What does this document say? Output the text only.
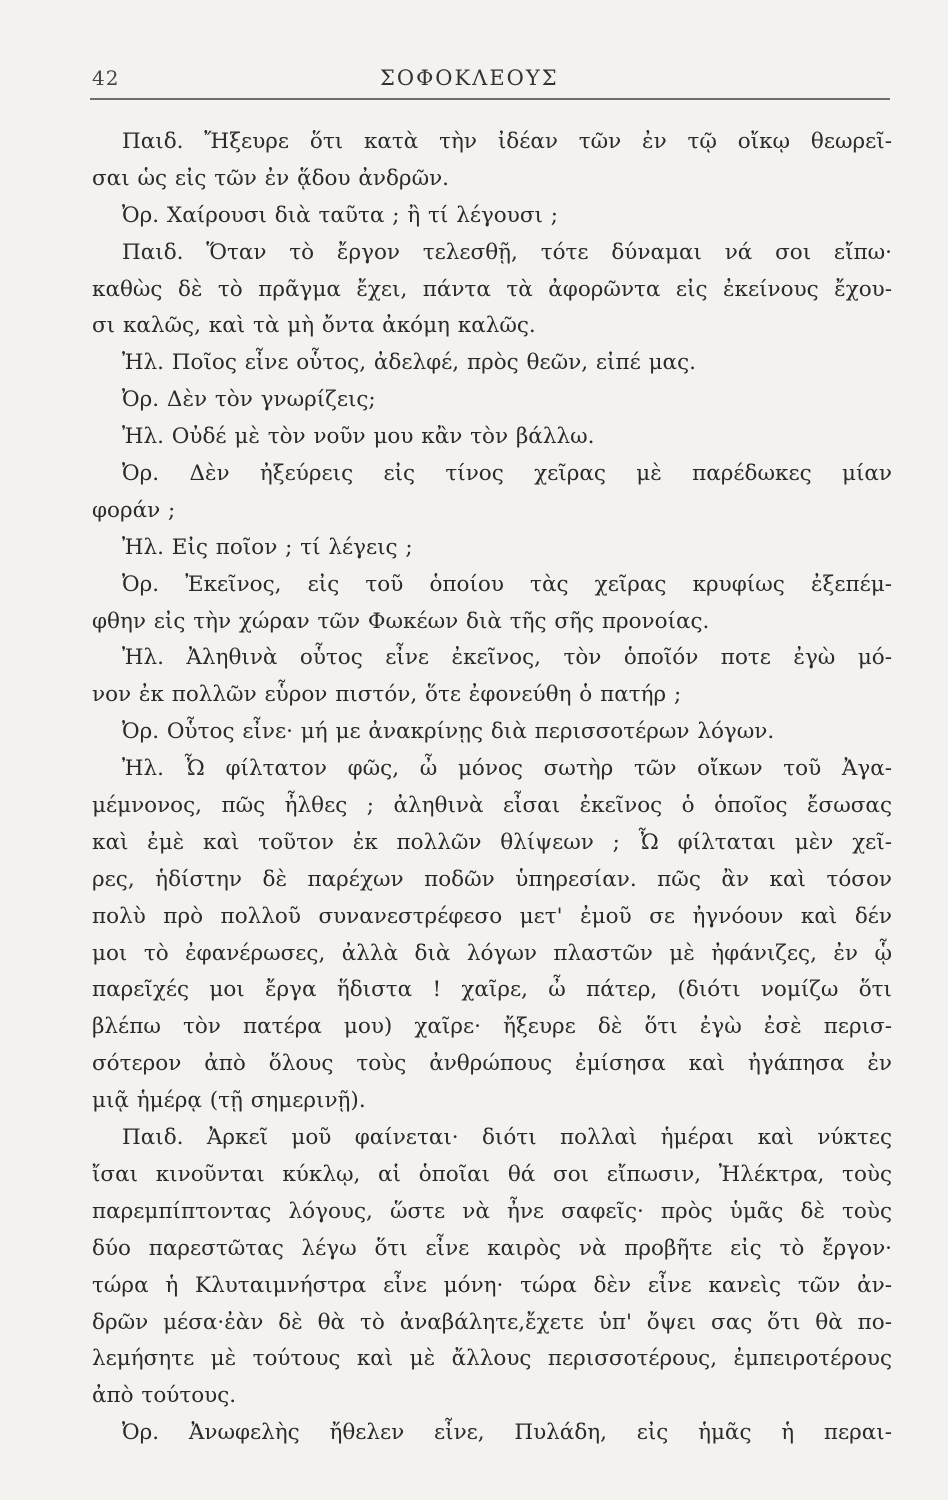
42	ΣΟΦΟΚΛΕΟΥΣ
Παιδ. Ἤξευρε ὅτι κατὰ τὴν ἰδέαν τῶν ἐν τῷ οἴκῳ θεωρεῖ-
σαι ὡς εἰς τῶν ἐν ᾅδου ἀνδρῶν.
Ὀρ. Χαίρουσι διὰ ταῦτα ; ἢ τί λέγουσι ;
Παιδ. Ὅταν τὸ ἔργον τελεσθῇ, τότε δύναμαι νά σοι εἴπω·
καθὼς δὲ τὸ πρᾶγμα ἔχει, πάντα τὰ ἀφορῶντα εἰς ἐκείνους ἔχου-
σι καλῶς, καὶ τὰ μὴ ὄντα ἀκόμη καλῶς.
Ἠλ. Ποῖος εἶνε οὗτος, ἀδελφέ, πρὸς θεῶν, εἰπέ μας.
Ὀρ. Δὲν τὸν γνωρίζεις;
Ἠλ. Οὐδέ μὲ τὸν νοῦν μου κἂν τὸν βάλλω.
Ὀρ. Δὲν ἠξεύρεις εἰς τίνος χεῖρας μὲ παρέδωκες μίαν
φοράν ;
Ἠλ. Εἰς ποῖον ; τί λέγεις ;
Ὀρ. Ἐκεῖνος, εἰς τοῦ ὁποίου τὰς χεῖρας κρυφίως ἐξεπέμ-
φθην εἰς τὴν χώραν τῶν Φωκέων διὰ τῆς σῆς προνοίας.
Ἠλ. Ἀληθινὰ οὗτος εἶνε ἐκεῖνος, τὸν ὁποῖόν ποτε ἐγὼ μό-
νον ἐκ πολλῶν εὗρον πιστόν, ὅτε ἐφονεύθη ὁ πατήρ ;
Ὀρ. Οὗτος εἶνε· μή με ἀνακρίνῃς διὰ περισσοτέρων λόγων.
Ἠλ. Ὦ φίλτατον φῶς, ὦ μόνος σωτὴρ τῶν οἴκων τοῦ Ἀγα-
μέμνονος, πῶς ἦλθες ; ἀληθινὰ εἶσαι ἐκεῖνος ὁ ὁποῖος ἔσωσας
καὶ ἐμὲ καὶ τοῦτον ἐκ πολλῶν θλίψεων ; Ὦ φίλταται μὲν χεῖ-
ρες, ἡδίστην δὲ παρέχων ποδῶν ὑπηρεσίαν. πῶς ἂν καὶ τόσον
πολὺ πρὸ πολλοῦ συνανεστρέφεσο μετ' ἐμοῦ σε ἠγνόουν καὶ δέν
μοι τὸ ἐφανέρωσες, ἀλλὰ διὰ λόγων πλαστῶν μὲ ἠφάνιζες, ἐν ᾧ
παρεῖχές μοι ἔργα ἥδιστα ! χαῖρε, ὦ πάτερ, (διότι νομίζω ὅτι
βλέπω τὸν πατέρα μου) χαῖρε· ἤξευρε δὲ ὅτι ἐγὼ ἐσὲ περισ-
σότερον ἀπὸ ὅλους τοὺς ἀνθρώπους ἐμίσησα καὶ ἠγάπησα ἐν
μιᾷ ἡμέρᾳ (τῇ σημερινῇ).
Παιδ. Ἀρκεῖ μοῦ φαίνεται· διότι πολλαὶ ἡμέραι καὶ νύκτες
ἴσαι κινοῦνται κύκλῳ, αἱ ὁποῖαι θά σοι εἴπωσιν, Ἠλέκτρα, τοὺς
παρεμπίπτοντας λόγους, ὥστε νὰ ἦνε σαφεῖς· πρὸς ὑμᾶς δὲ τοὺς
δύο παρεστῶτας λέγω ὅτι εἶνε καιρὸς νὰ προβῆτε εἰς τὸ ἔργον·
τώρα ἡ Κλυταιμνήστρα εἶνε μόνη· τώρα δὲν εἶνε κανεὶς τῶν ἀν-
δρῶν μέσα·ἐὰν δὲ θὰ τὸ ἀναβάλητε,ἔχετε ὑπ' ὄψει σας ὅτι θὰ πο-
λεμήσητε μὲ τούτους καὶ μὲ ἄλλους περισσοτέρους, ἐμπειροτέρους
ἀπὸ τούτους.
Ὀρ. Ἀνωφελὴς ἤθελεν εἶνε, Πυλάδη, εἰς ἡμᾶς ἡ περαι-
